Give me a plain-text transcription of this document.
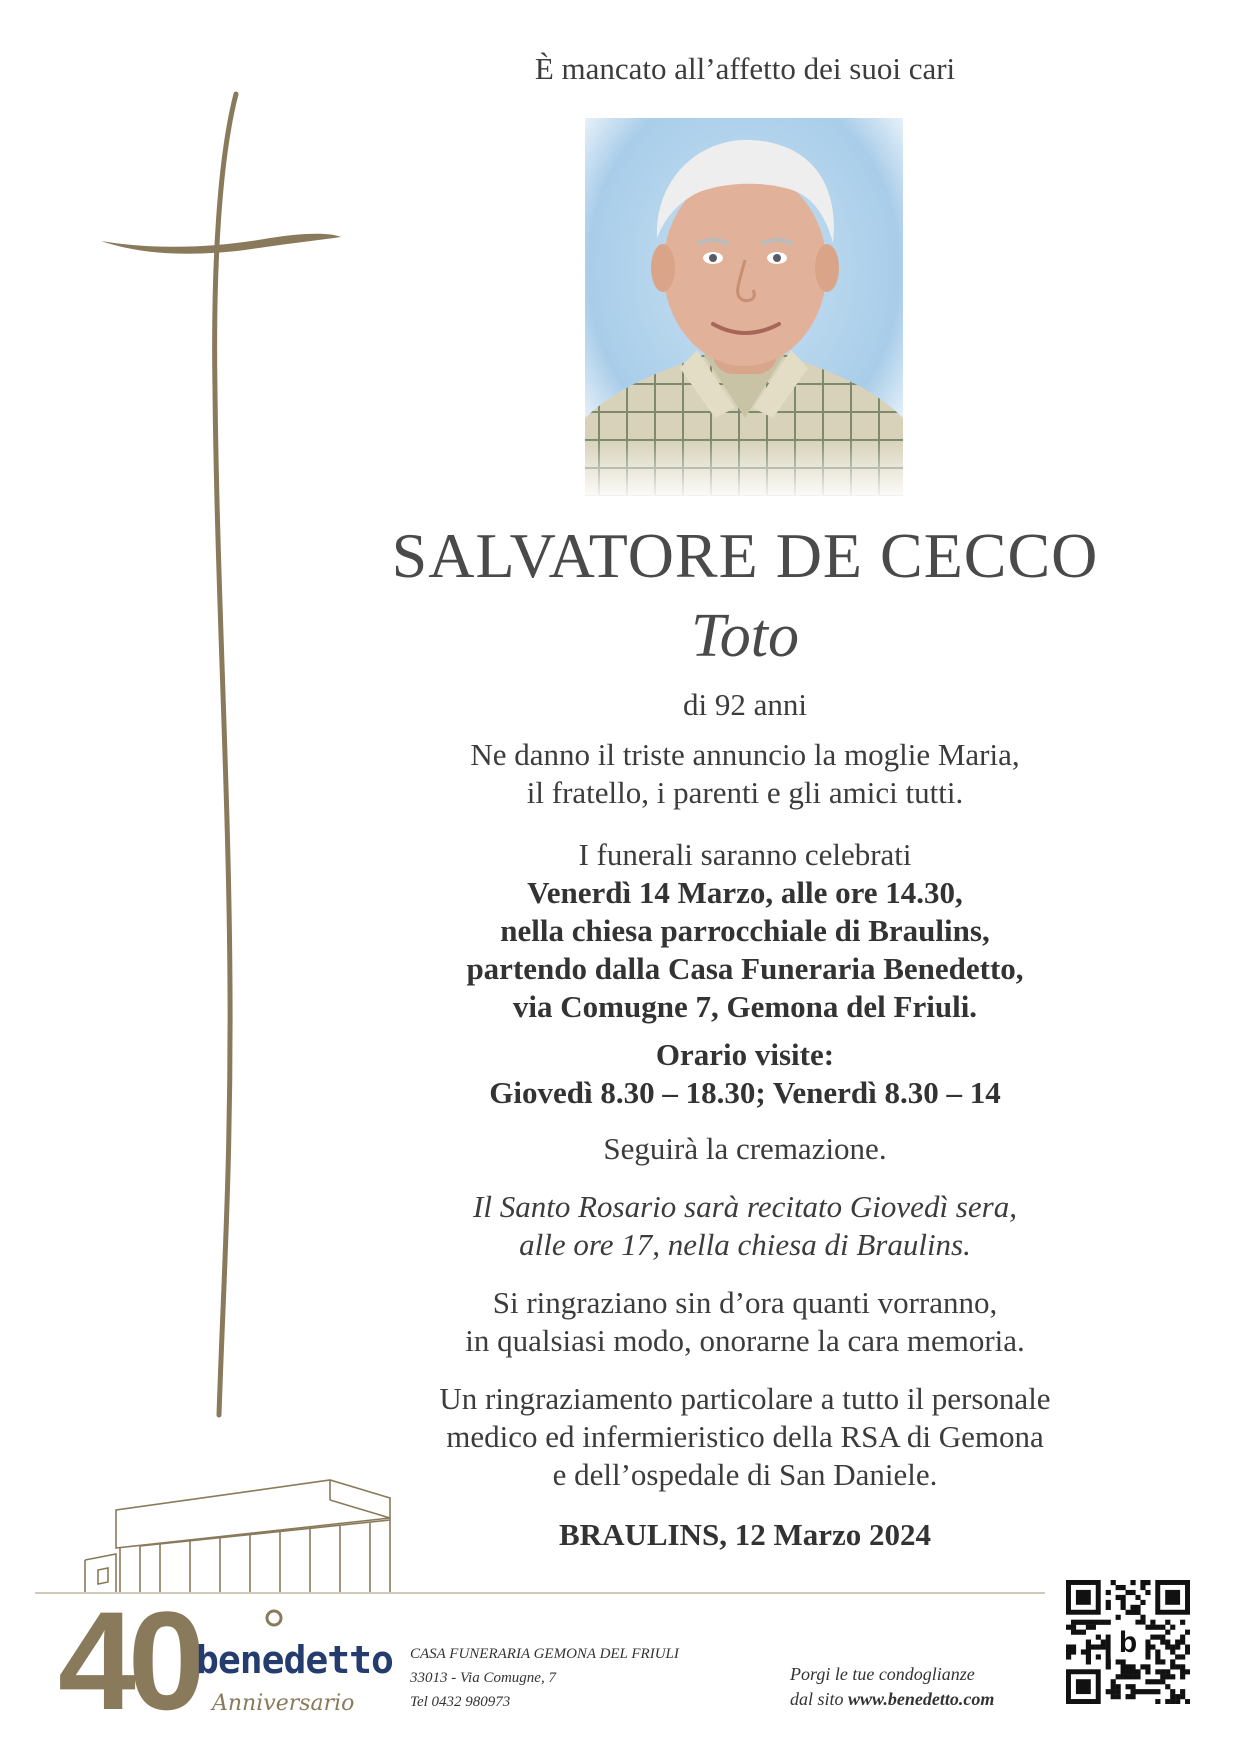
È mancato all’affetto dei suoi cari
SALVATORE DE CECCO
Toto
di 92 anni
Ne danno il triste annuncio la moglie Maria,
il fratello, i parenti e gli amici tutti.
I funerali saranno celebrati
Venerdì 14 Marzo, alle ore 14.30,
nella chiesa parrocchiale di Braulins,
partendo dalla Casa Funeraria Benedetto,
via Comugne 7, Gemona del Friuli.
Orario visite:
Giovedì 8.30 – 18.30; Venerdì 8.30 – 14
Seguirà la cremazione.
Il Santo Rosario sarà recitato Giovedì sera,
alle ore 17, nella chiesa di Braulins.
Si ringraziano sin d’ora quanti vorranno,
in qualsiasi modo, onorarne la cara memoria.
Un ringraziamento particolare a tutto il personale
medico ed infermieristico della RSA di Gemona
e dell’ospedale di San Daniele.
BRAULINS, 12 Marzo 2024
40
benedetto
Anniversario
CASA FUNERARIA GEMONA DEL FRIULI
33013 - Via Comugne, 7
Tel 0432 980973
Porgi le tue condoglianze
dal sito www.benedetto.com
b
